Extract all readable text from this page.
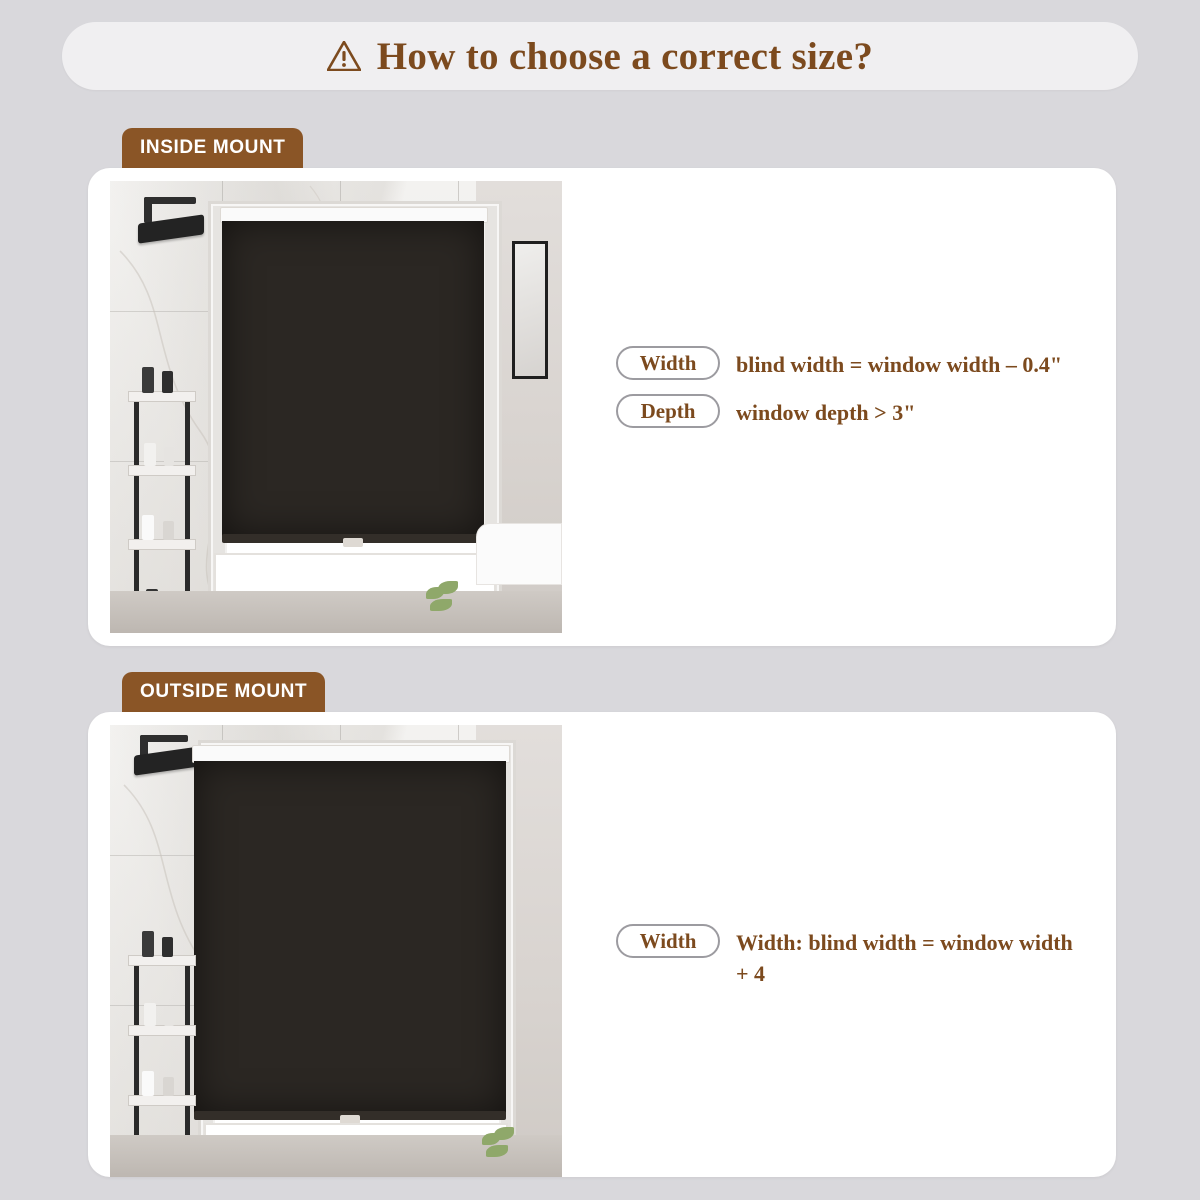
How to choose a correct size?
INSIDE MOUNT
Width	blind width = window width – 0.4"
Depth	window depth > 3"
OUTSIDE MOUNT
Width	Width: blind width = window width + 4
